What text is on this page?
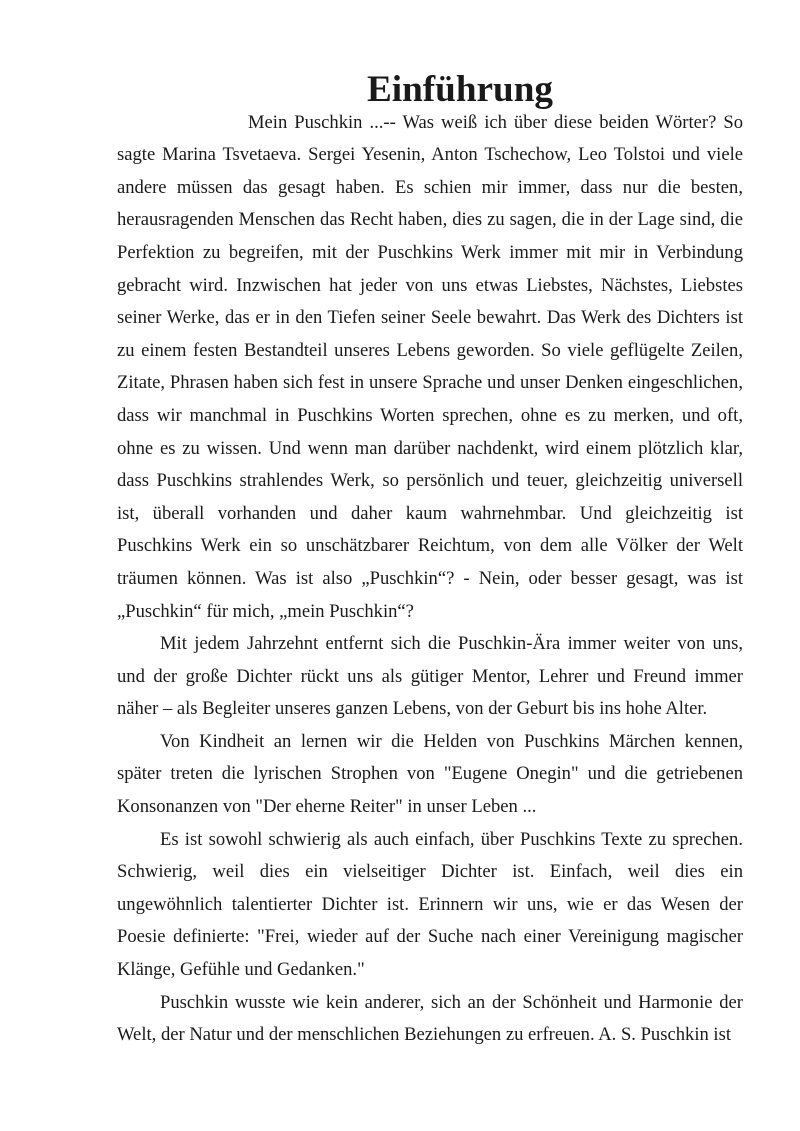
Einführung

Mein Puschkin ...-- Was weiß ich über diese beiden Wörter? So sagte Marina Tsvetaeva. Sergei Yesenin, Anton Tschechow, Leo Tolstoi und viele andere müssen das gesagt haben. Es schien mir immer, dass nur die besten, herausragenden Menschen das Recht haben, dies zu sagen, die in der Lage sind, die Perfektion zu begreifen, mit der Puschkins Werk immer mit mir in Verbindung gebracht wird. Inzwischen hat jeder von uns etwas Liebstes, Nächstes, Liebstes seiner Werke, das er in den Tiefen seiner Seele bewahrt. Das Werk des Dichters ist zu einem festen Bestandteil unseres Lebens geworden. So viele geflügelte Zeilen, Zitate, Phrasen haben sich fest in unsere Sprache und unser Denken eingeschlichen, dass wir manchmal in Puschkins Worten sprechen, ohne es zu merken, und oft, ohne es zu wissen. Und wenn man darüber nachdenkt, wird einem plötzlich klar, dass Puschkins strahlendes Werk, so persönlich und teuer, gleichzeitig universell ist, überall vorhanden und daher kaum wahrnehmbar. Und gleichzeitig ist Puschkins Werk ein so unschätzbarer Reichtum, von dem alle Völker der Welt träumen können. Was ist also „Puschkin“? - Nein, oder besser gesagt, was ist „Puschkin“ für mich, „mein Puschkin“?

Mit jedem Jahrzehnt entfernt sich die Puschkin-Ära immer weiter von uns, und der große Dichter rückt uns als gütiger Mentor, Lehrer und Freund immer näher – als Begleiter unseres ganzen Lebens, von der Geburt bis ins hohe Alter.

Von Kindheit an lernen wir die Helden von Puschkins Märchen kennen, später treten die lyrischen Strophen von "Eugene Onegin" und die getriebenen Konsonanzen von "Der eherne Reiter" in unser Leben ...

Es ist sowohl schwierig als auch einfach, über Puschkins Texte zu sprechen. Schwierig, weil dies ein vielseitiger Dichter ist. Einfach, weil dies ein ungewöhnlich talentierter Dichter ist. Erinnern wir uns, wie er das Wesen der Poesie definierte: "Frei, wieder auf der Suche nach einer Vereinigung magischer Klänge, Gefühle und Gedanken."

Puschkin wusste wie kein anderer, sich an der Schönheit und Harmonie der Welt, der Natur und der menschlichen Beziehungen zu erfreuen. A. S. Puschkin ist
